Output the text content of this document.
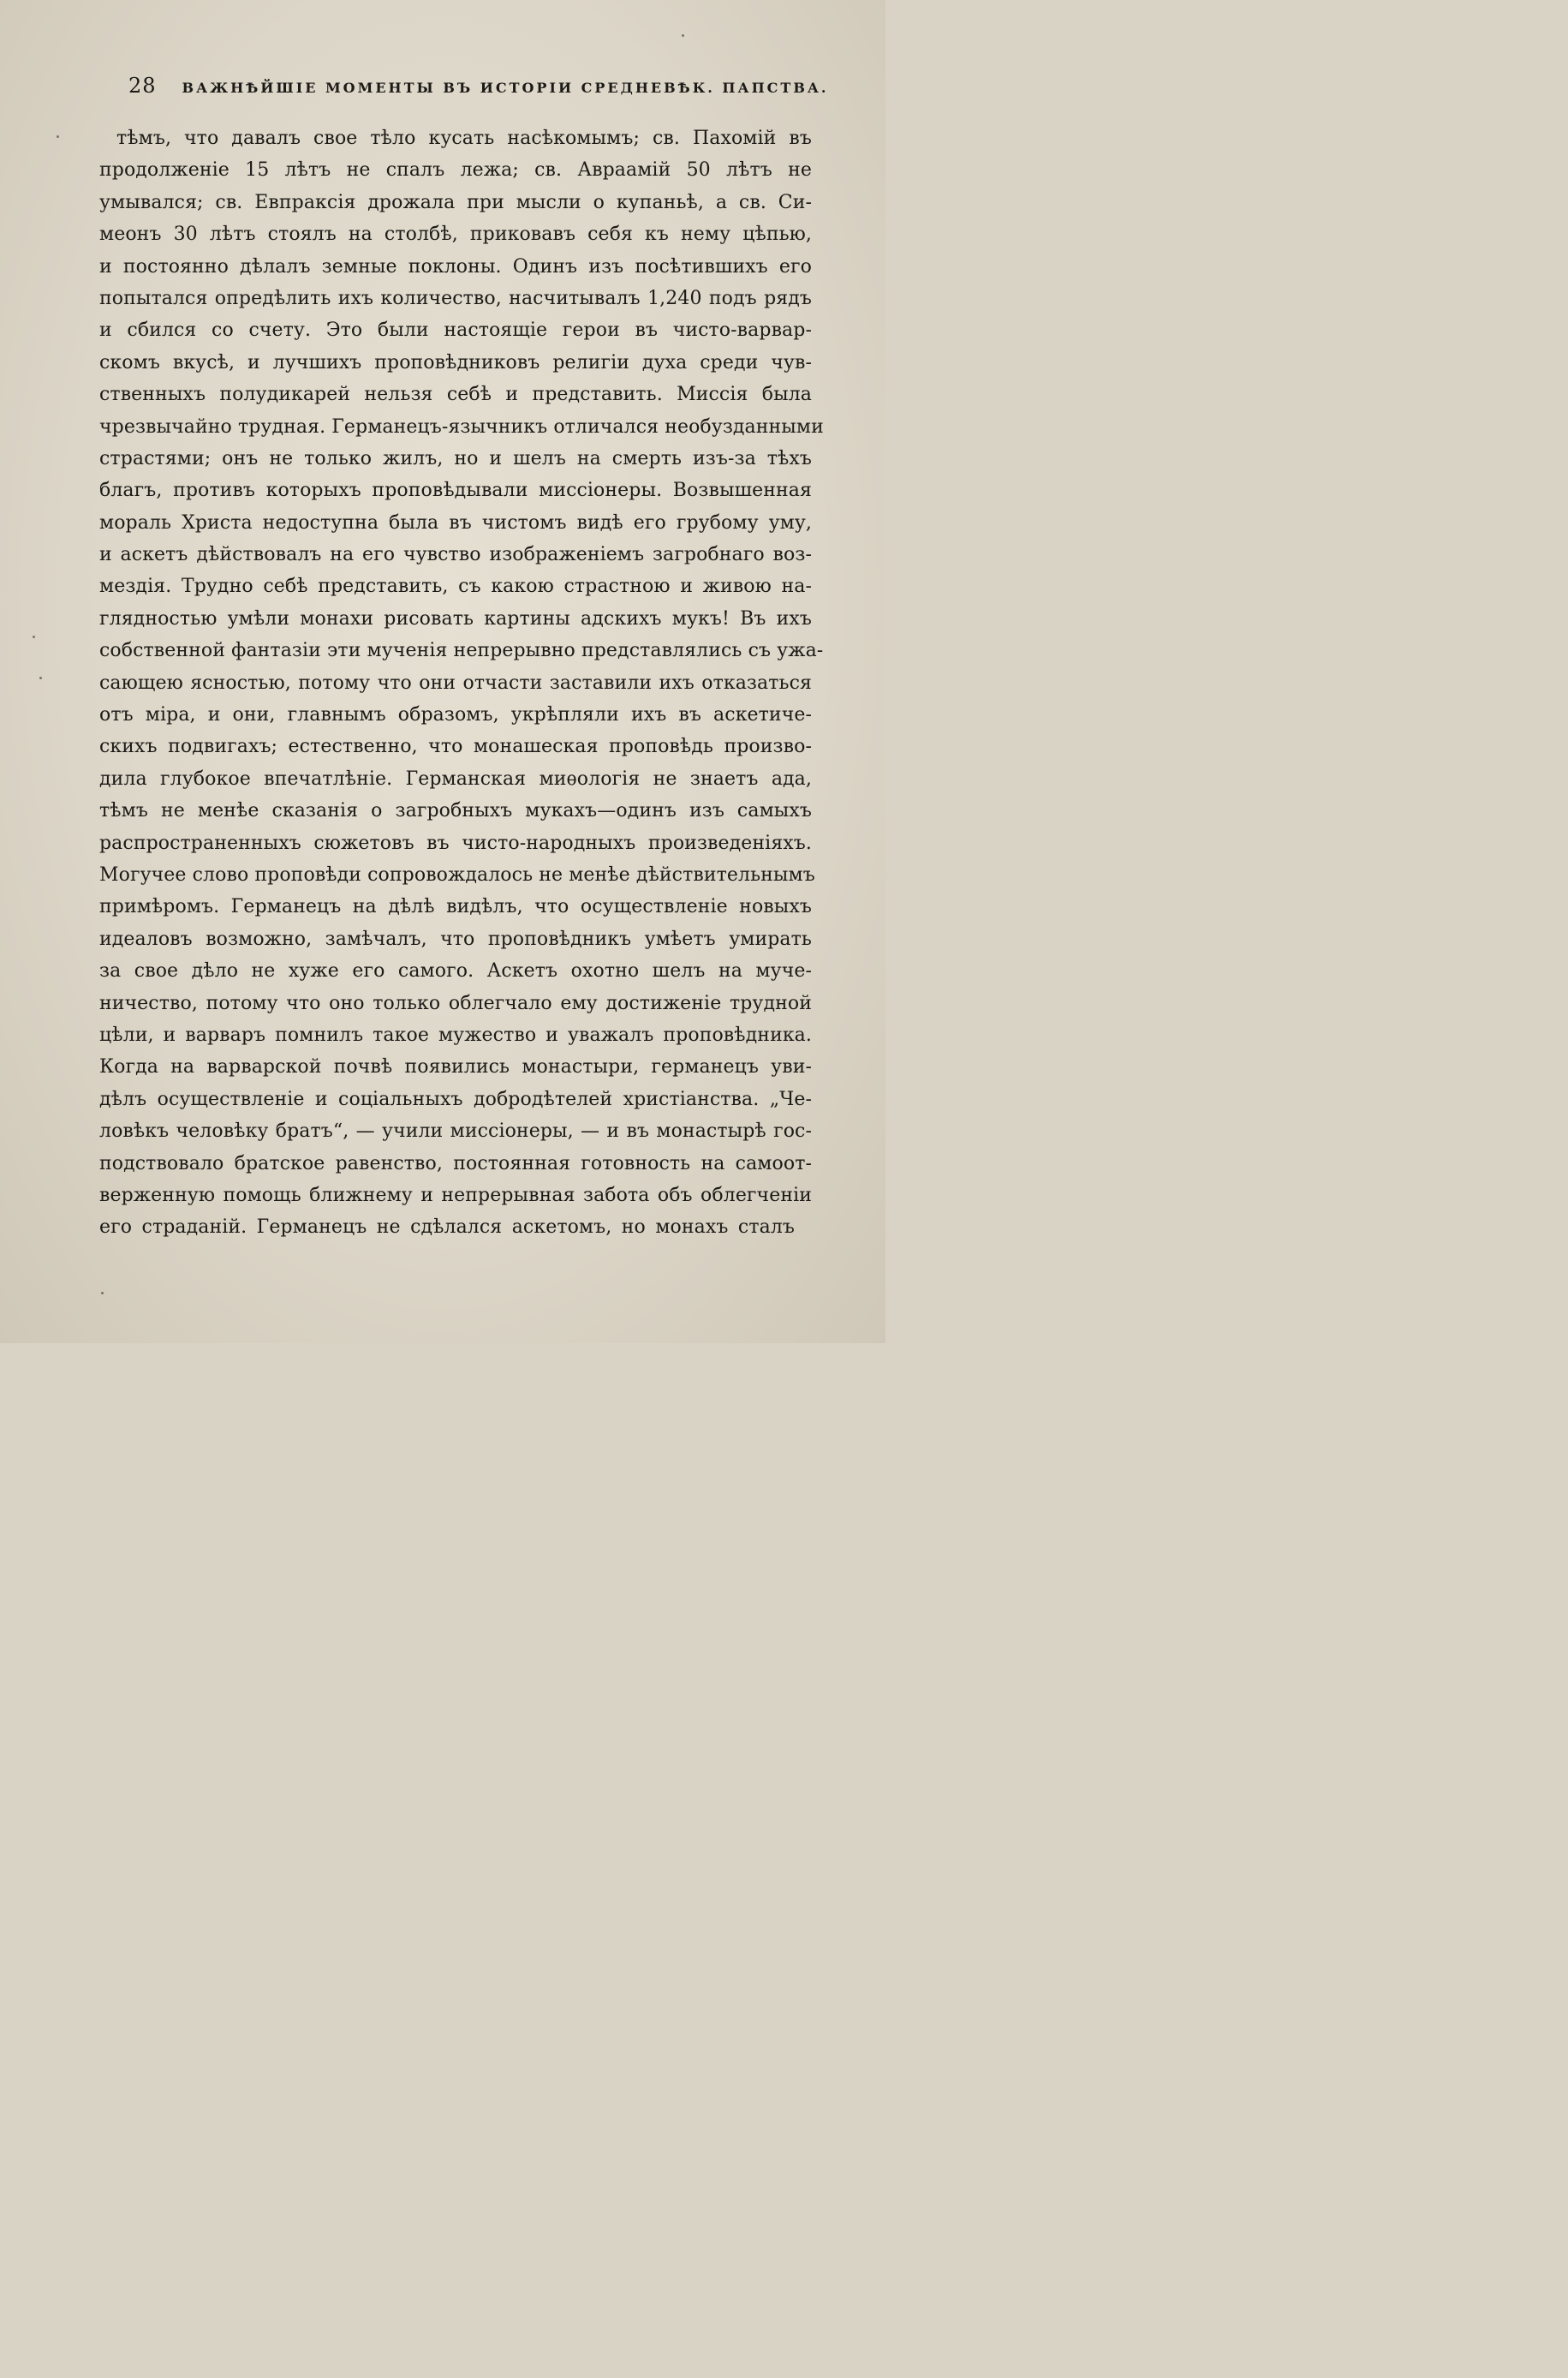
28 ВАЖНѢЙШІЕ МОМЕНТЫ ВЪ ИСТОРІИ СРЕДНЕВѢК. ПАПСТВА.
тѣмъ, что давалъ свое тѣло кусать насѣкомымъ; св. Пахомій въ
продолженіе 15 лѣтъ не спалъ лежа; св. Авраамій 50 лѣтъ не
умывался; св. Евпраксія дрожала при мысли о купаньѣ, а св. Си-
меонъ 30 лѣтъ стоялъ на столбѣ, приковавъ себя къ нему цѣпью,
и постоянно дѣлалъ земные поклоны. Одинъ изъ посѣтившихъ его
попытался опредѣлить ихъ количество, насчитывалъ 1,240 подъ рядъ
и сбился со счету. Это были настоящіе герои въ чисто-варвар-
скомъ вкусѣ, и лучшихъ проповѣдниковъ религіи духа среди чув-
ственныхъ полудикарей нельзя себѣ и представить. Миссія была
чрезвычайно трудная. Германецъ-язычникъ отличался необузданными
страстями; онъ не только жилъ, но и шелъ на смерть изъ-за тѣхъ
благъ, противъ которыхъ проповѣдывали миссіонеры. Возвышенная
мораль Христа недоступна была въ чистомъ видѣ его грубому уму,
и аскетъ дѣйствовалъ на его чувство изображеніемъ загробнаго воз-
мездія. Трудно себѣ представить, съ какою страстною и живою на-
глядностью умѣли монахи рисовать картины адскихъ мукъ! Въ ихъ
собственной фантазіи эти мученія непрерывно представлялись съ ужа-
сающею ясностью, потому что они отчасти заставили ихъ отказаться
отъ міра, и они, главнымъ образомъ, укрѣпляли ихъ въ аскетиче-
скихъ подвигахъ; естественно, что монашеская проповѣдь произво-
дила глубокое впечатлѣніе. Германская миѳологія не знаетъ ада,
тѣмъ не менѣе сказанія о загробныхъ мукахъ—одинъ изъ самыхъ
распространенныхъ сюжетовъ въ чисто-народныхъ произведеніяхъ.
Могучее слово проповѣди сопровождалось не менѣе дѣйствительнымъ
примѣромъ. Германецъ на дѣлѣ видѣлъ, что осуществленіе новыхъ
идеаловъ возможно, замѣчалъ, что проповѣдникъ умѣетъ умирать
за свое дѣло не хуже его самого. Аскетъ охотно шелъ на муче-
ничество, потому что оно только облегчало ему достиженіе трудной
цѣли, и варваръ помнилъ такое мужество и уважалъ проповѣдника.
Когда на варварской почвѣ появились монастыри, германецъ уви-
дѣлъ осуществленіе и соціальныхъ добродѣтелей христіанства. „Че-
ловѣкъ человѣку братъ“, — учили миссіонеры, — и въ монастырѣ гос-
подствовало братское равенство, постоянная готовность на самоот-
верженную помощь ближнему и непрерывная забота объ облегченіи
его страданій. Германецъ не сдѣлался аскетомъ, но монахъ сталъ
